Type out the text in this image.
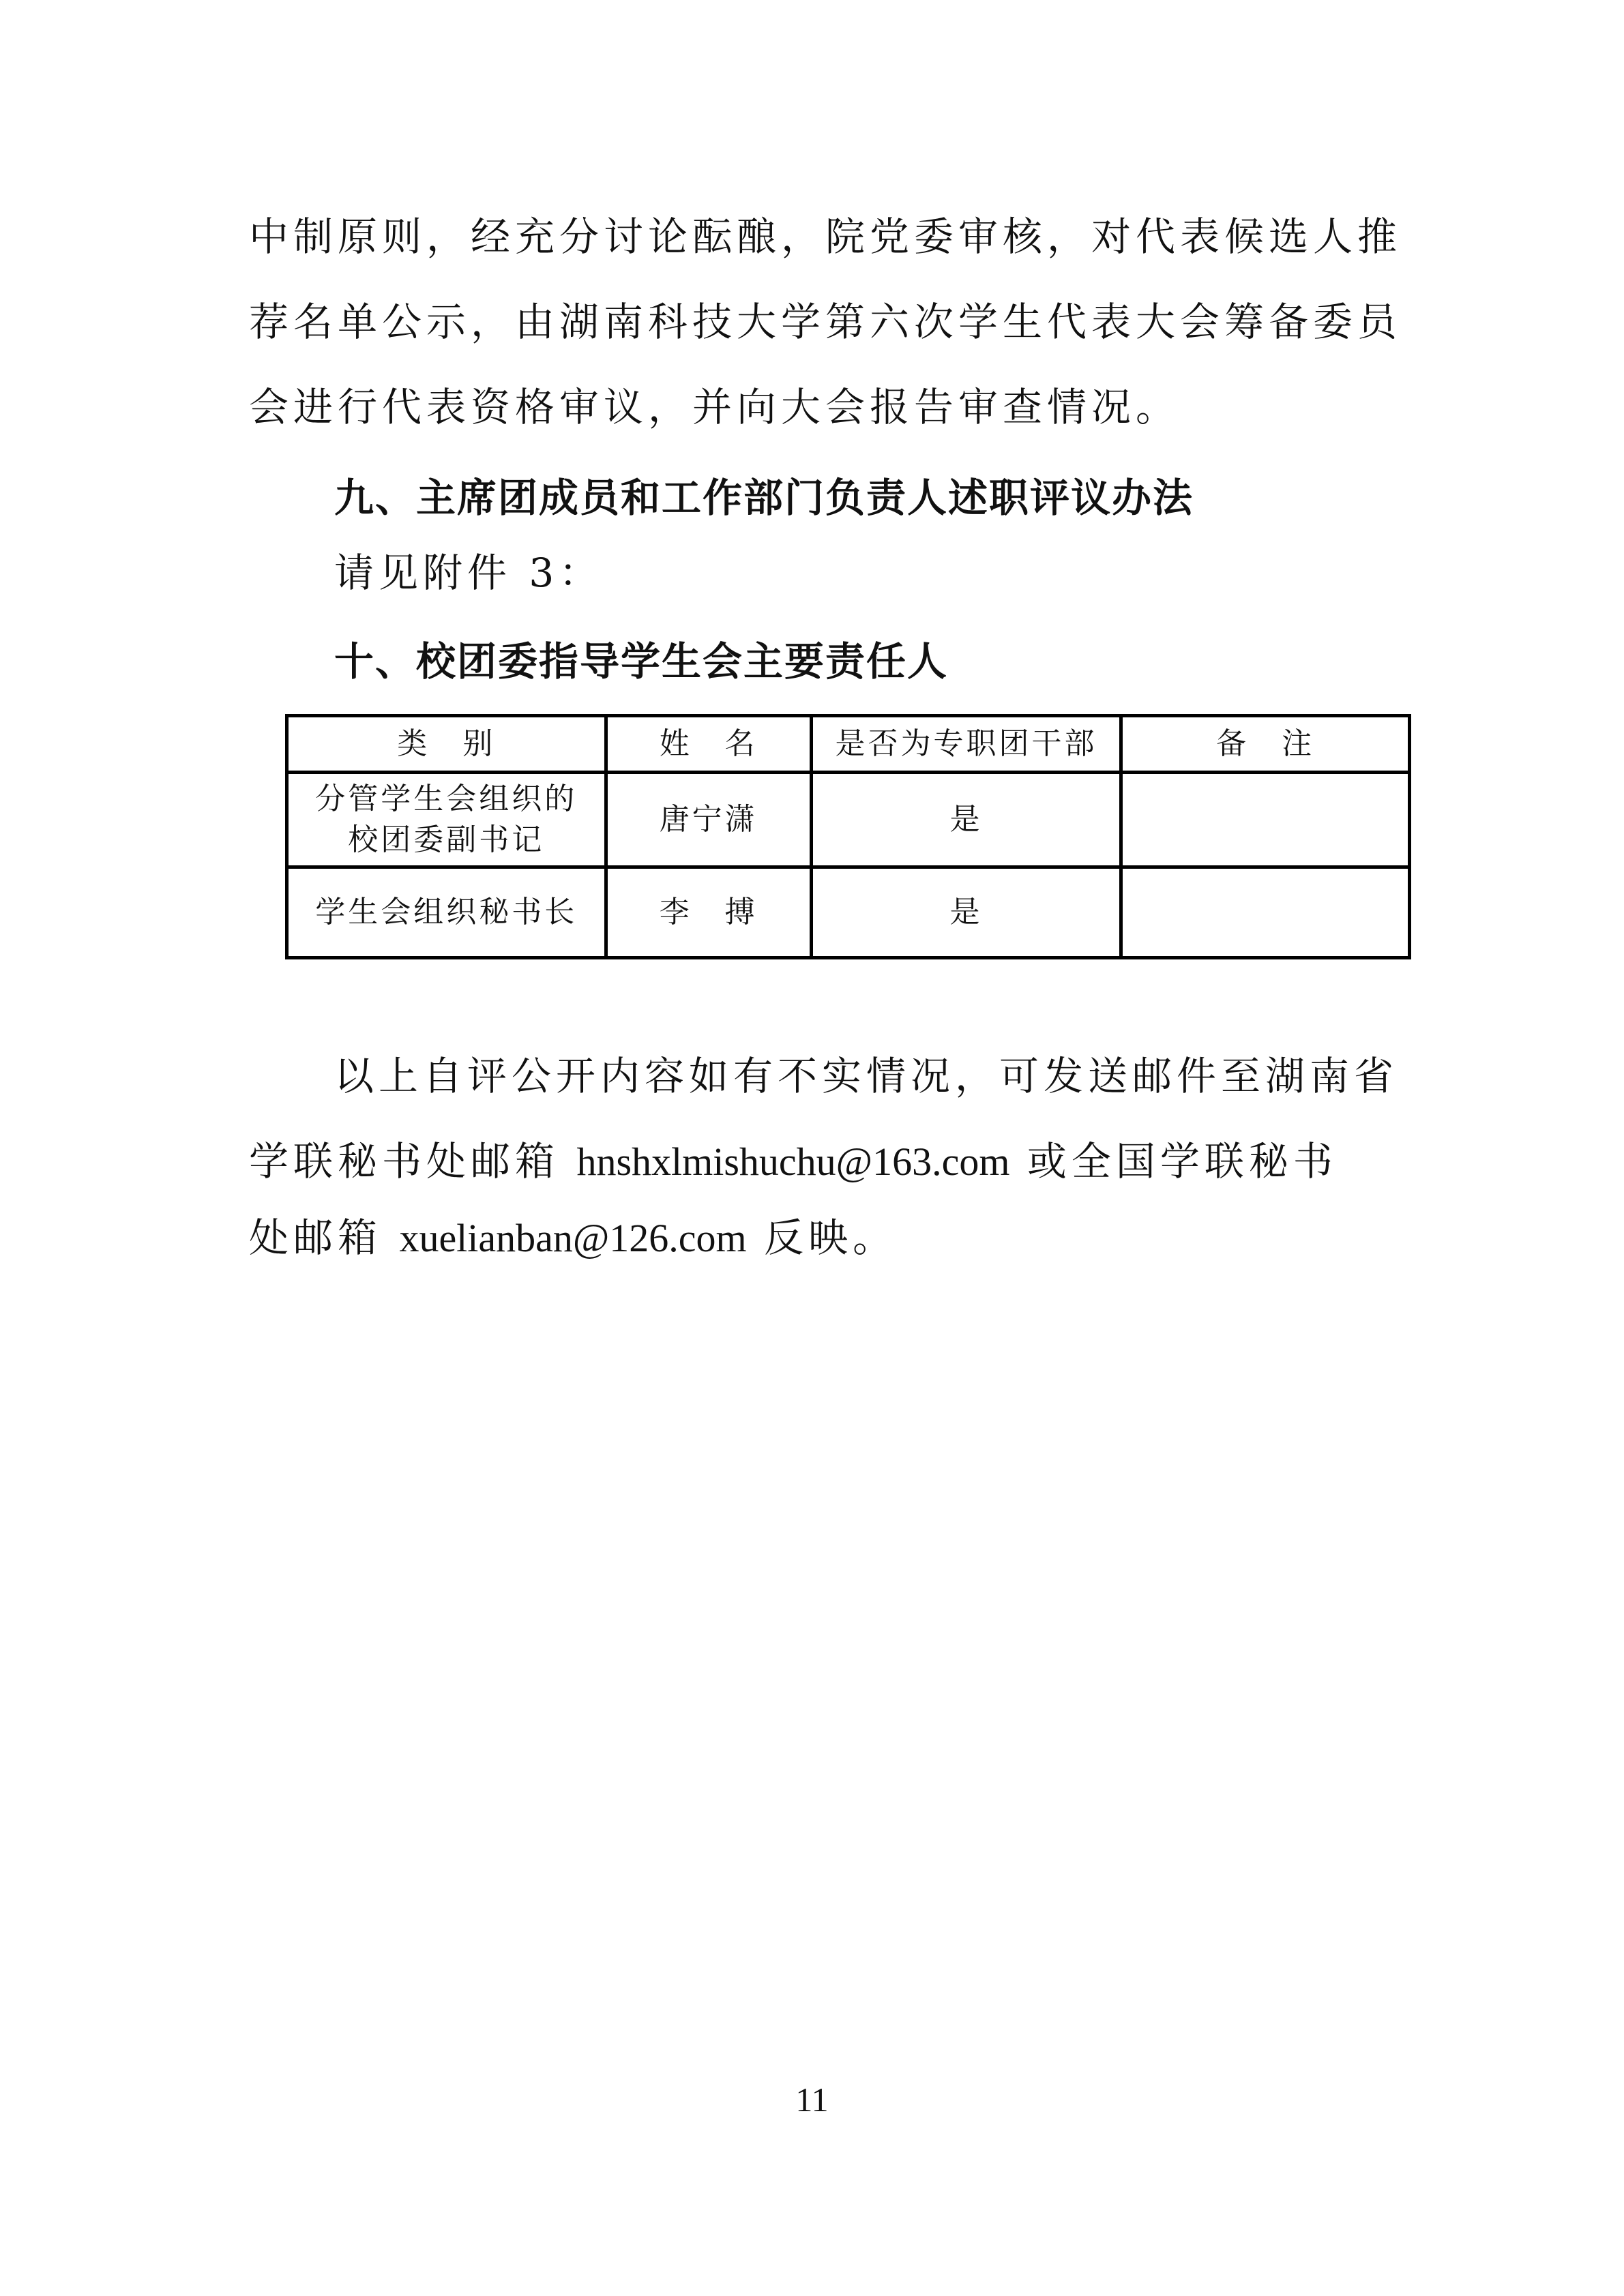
中制原则，经充分讨论酝酿，院党委审核，对代表候选人推
荐名单公示，由湖南科技大学第六次学生代表大会筹备委员
会进行代表资格审议，并向大会报告审查情况。
九、主席团成员和工作部门负责人述职评议办法
请见附件 3：
十、校团委指导学生会主要责任人
类　别	姓　名	是否为专职团干部	备　注

分管学生会组织的
校团委副书记	唐宁潇	是	
学生会组织秘书长	李　搏	是	
以上自评公开内容如有不实情况，可发送邮件至湖南省
学联秘书处邮箱 hnshxlmishuchu@163.com 或全国学联秘书
处邮箱 xuelianban@126.com 反映。
11
